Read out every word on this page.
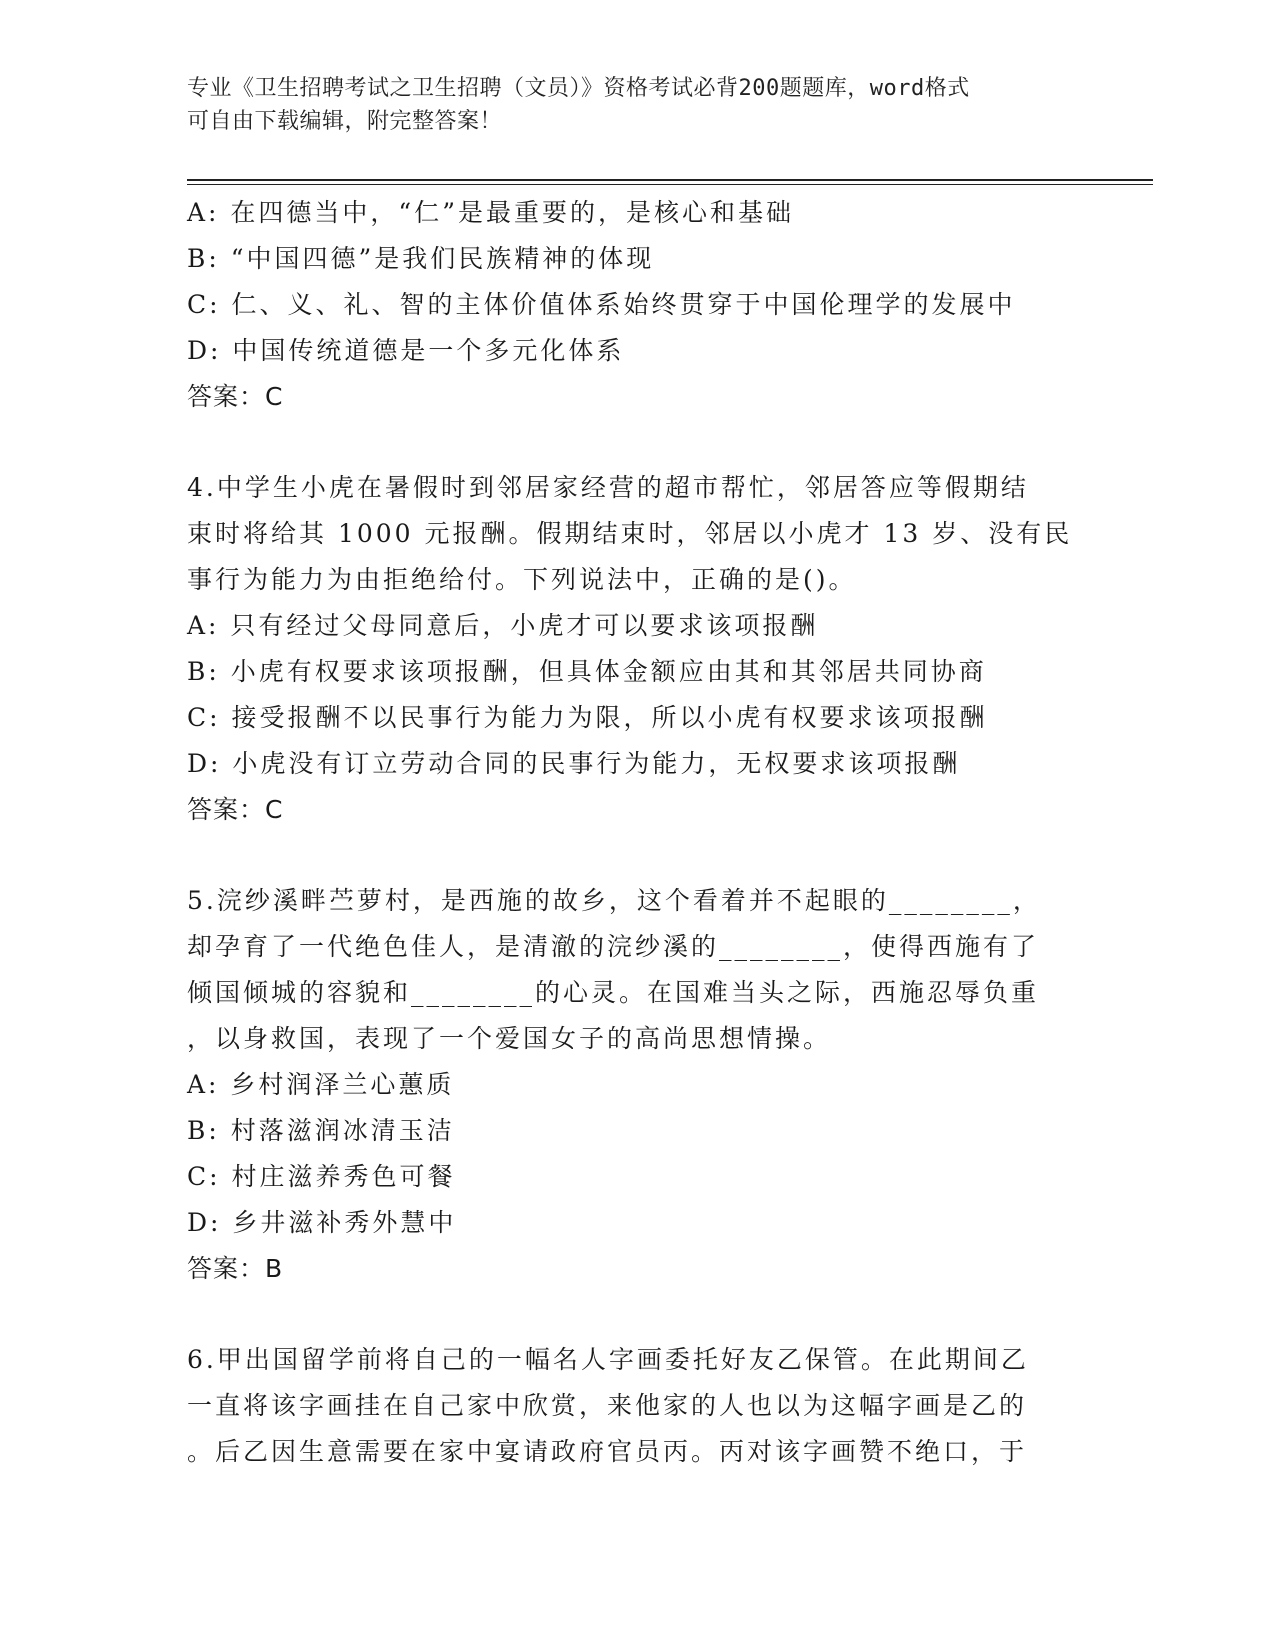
专业《卫生招聘考试之卫生招聘（文员）》资格考试必背200题题库，word格式
可自由下载编辑，附完整答案！
A: 在四德当中，“仁”是最重要的，是核心和基础
B: “中国四德”是我们民族精神的体现
C: 仁、义、礼、智的主体价值体系始终贯穿于中国伦理学的发展中
D: 中国传统道德是一个多元化体系
答案：C
4.中学生小虎在暑假时到邻居家经营的超市帮忙，邻居答应等假期结
束时将给其 1000 元报酬。假期结束时，邻居以小虎才 13 岁、没有民
事行为能力为由拒绝给付。下列说法中，正确的是()。
A: 只有经过父母同意后，小虎才可以要求该项报酬
B: 小虎有权要求该项报酬，但具体金额应由其和其邻居共同协商
C: 接受报酬不以民事行为能力为限，所以小虎有权要求该项报酬
D: 小虎没有订立劳动合同的民事行为能力，无权要求该项报酬
答案：C
5.浣纱溪畔苎萝村，是西施的故乡，这个看着并不起眼的________，
却孕育了一代绝色佳人，是清澈的浣纱溪的________，使得西施有了
倾国倾城的容貌和________的心灵。在国难当头之际，西施忍辱负重
，以身救国，表现了一个爱国女子的高尚思想情操。
A: 乡村润泽兰心蕙质
B: 村落滋润冰清玉洁
C: 村庄滋养秀色可餐
D: 乡井滋补秀外慧中
答案：B
6.甲出国留学前将自己的一幅名人字画委托好友乙保管。在此期间乙
一直将该字画挂在自己家中欣赏，来他家的人也以为这幅字画是乙的
。后乙因生意需要在家中宴请政府官员丙。丙对该字画赞不绝口，于
